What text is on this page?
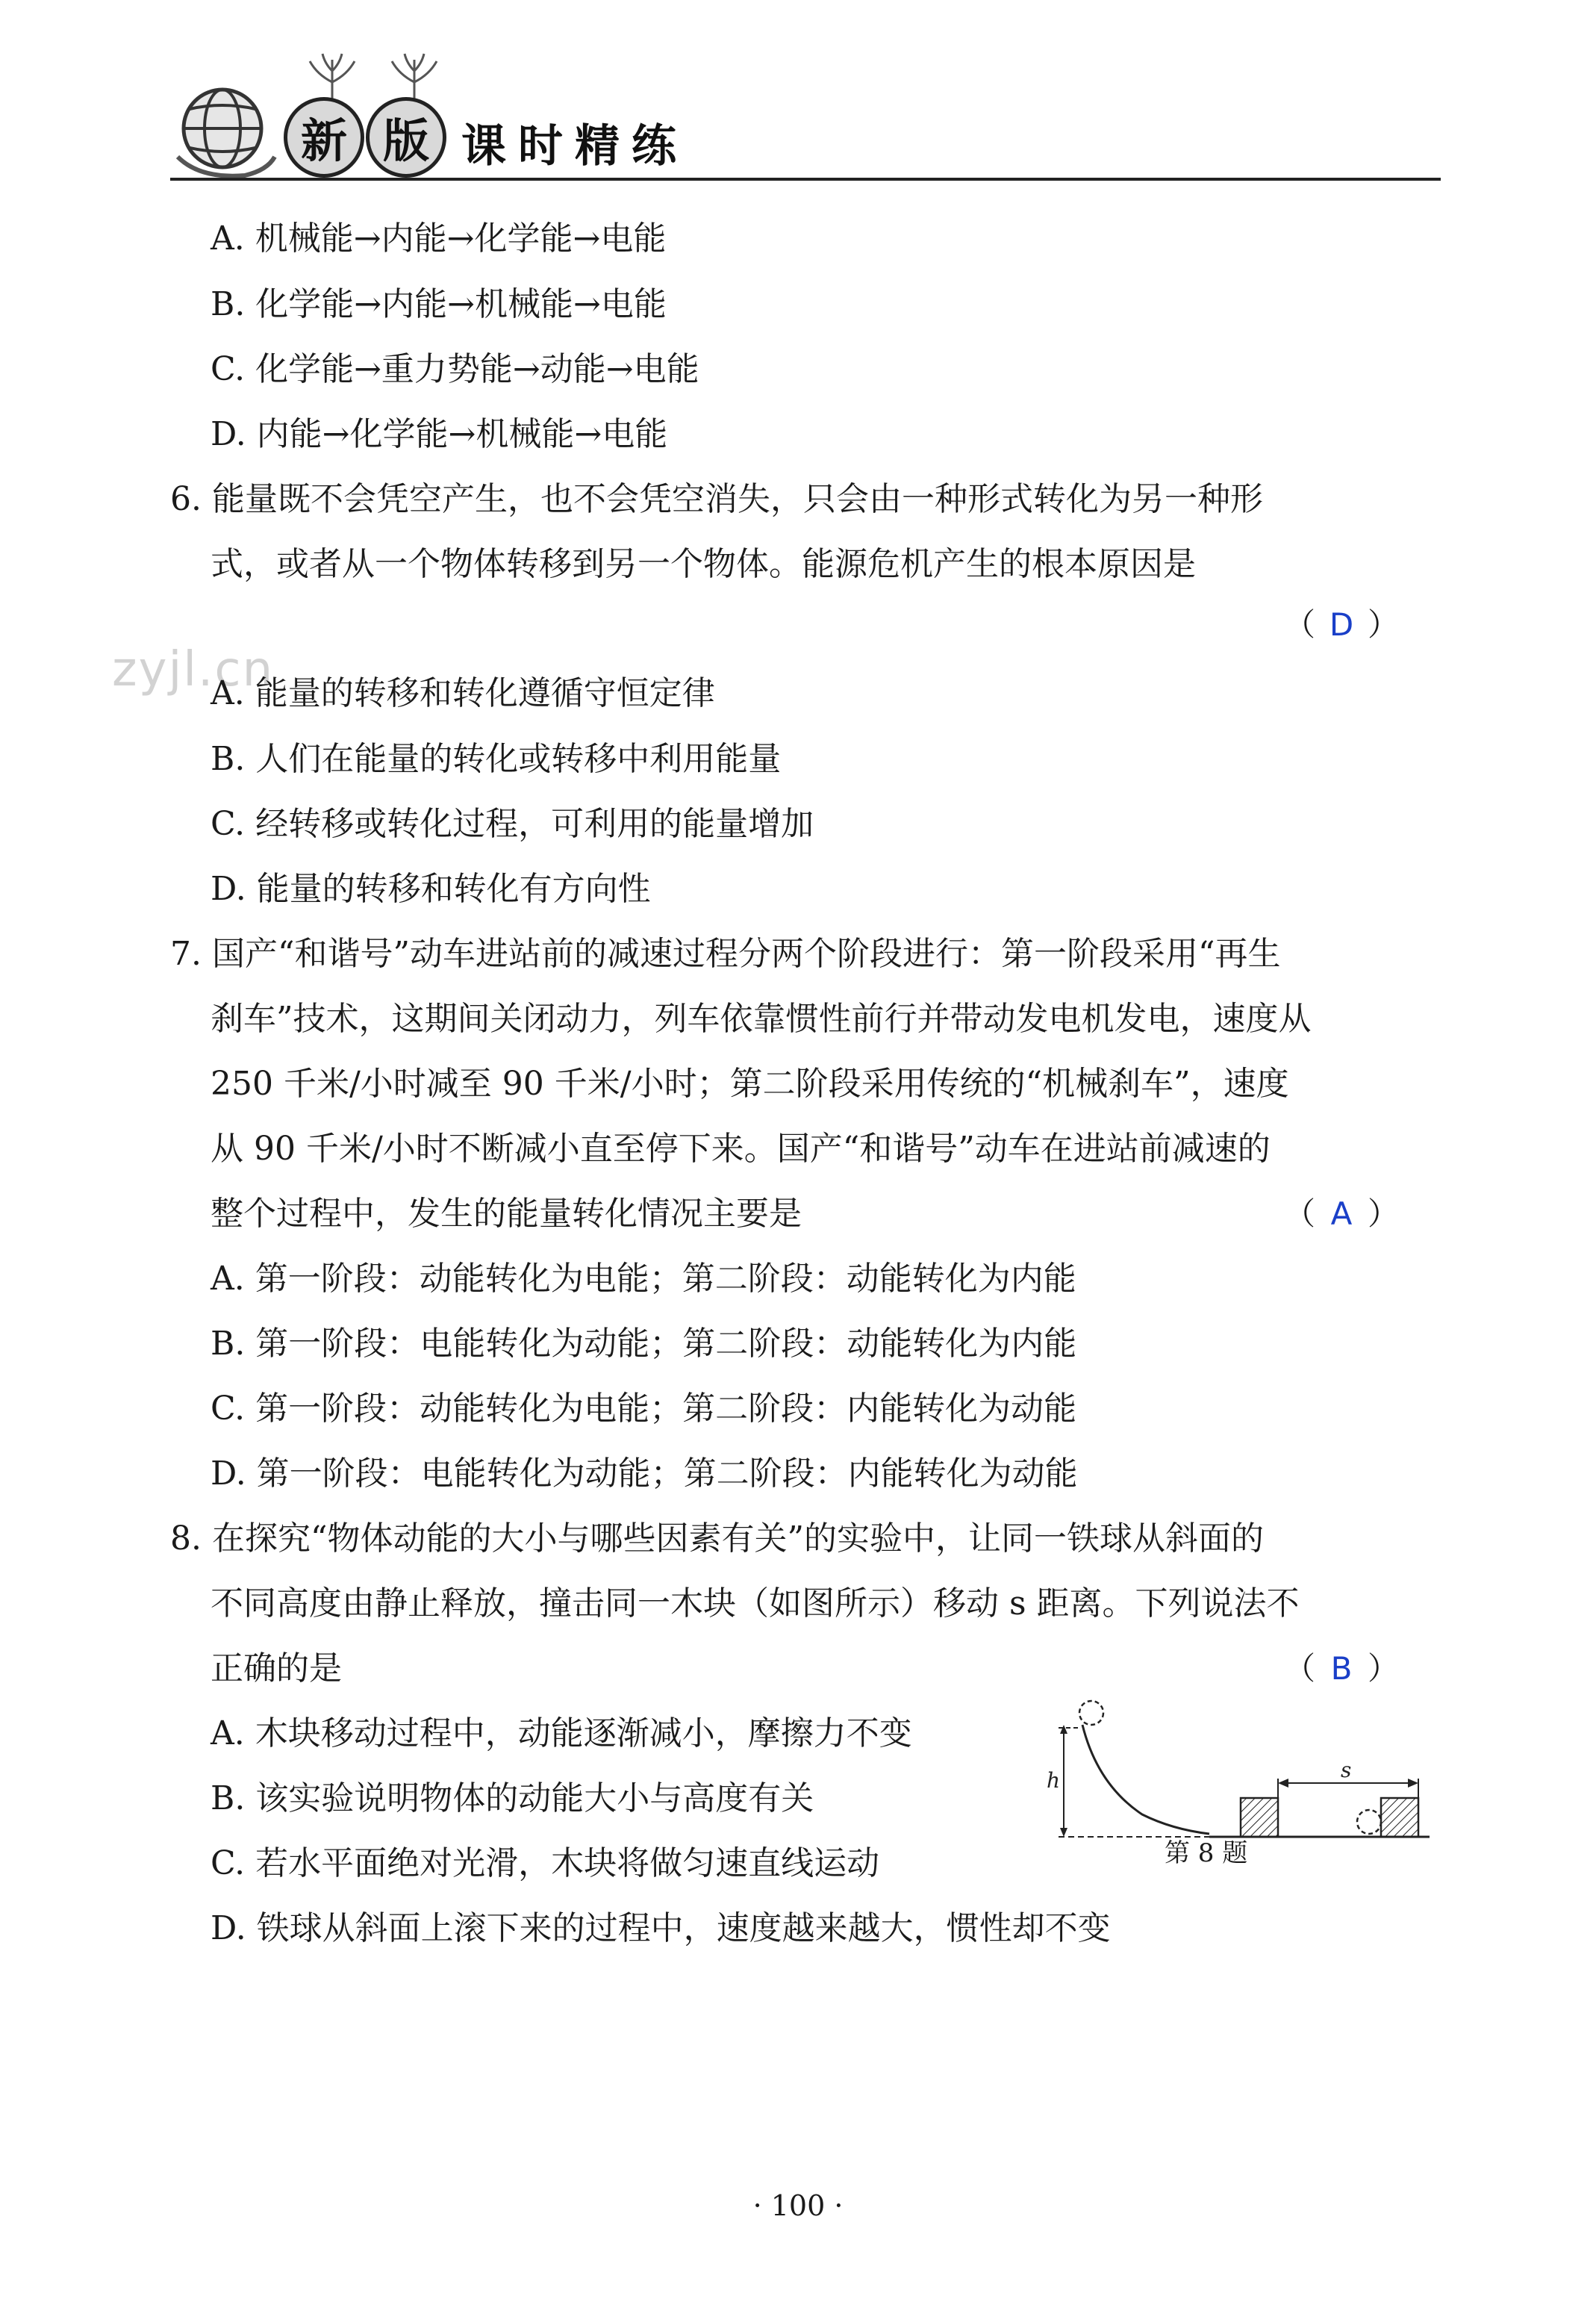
新 版 课时精练
A. 机械能→内能→化学能→电能
B. 化学能→内能→机械能→电能
C. 化学能→重力势能→动能→电能
D. 内能→化学能→机械能→电能
6. 能量既不会凭空产生，也不会凭空消失，只会由一种形式转化为另一种形
式，或者从一个物体转移到另一个物体。能源危机产生的根本原因是
（ D ）
zyjl.cn
A. 能量的转移和转化遵循守恒定律
B. 人们在能量的转化或转移中利用能量
C. 经转移或转化过程，可利用的能量增加
D. 能量的转移和转化有方向性
7. 国产“和谐号”动车进站前的减速过程分两个阶段进行：第一阶段采用“再生
刹车”技术，这期间关闭动力，列车依靠惯性前行并带动发电机发电，速度从
250 千米/小时减至 90 千米/小时；第二阶段采用传统的“机械刹车”，速度
从 90 千米/小时不断减小直至停下来。国产“和谐号”动车在进站前减速的
整个过程中，发生的能量转化情况主要是	（ A ）
A. 第一阶段：动能转化为电能；第二阶段：动能转化为内能
B. 第一阶段：电能转化为动能；第二阶段：动能转化为内能
C. 第一阶段：动能转化为电能；第二阶段：内能转化为动能
D. 第一阶段：电能转化为动能；第二阶段：内能转化为动能
8. 在探究“物体动能的大小与哪些因素有关”的实验中，让同一铁球从斜面的
不同高度由静止释放，撞击同一木块（如图所示）移动 s 距离。下列说法不
正确的是	（ B ）
A. 木块移动过程中，动能逐渐减小，摩擦力不变
B. 该实验说明物体的动能大小与高度有关
C. 若水平面绝对光滑，木块将做匀速直线运动
D. 铁球从斜面上滚下来的过程中，速度越来越大，惯性却不变
h	s
第 8 题
· 100 ·
